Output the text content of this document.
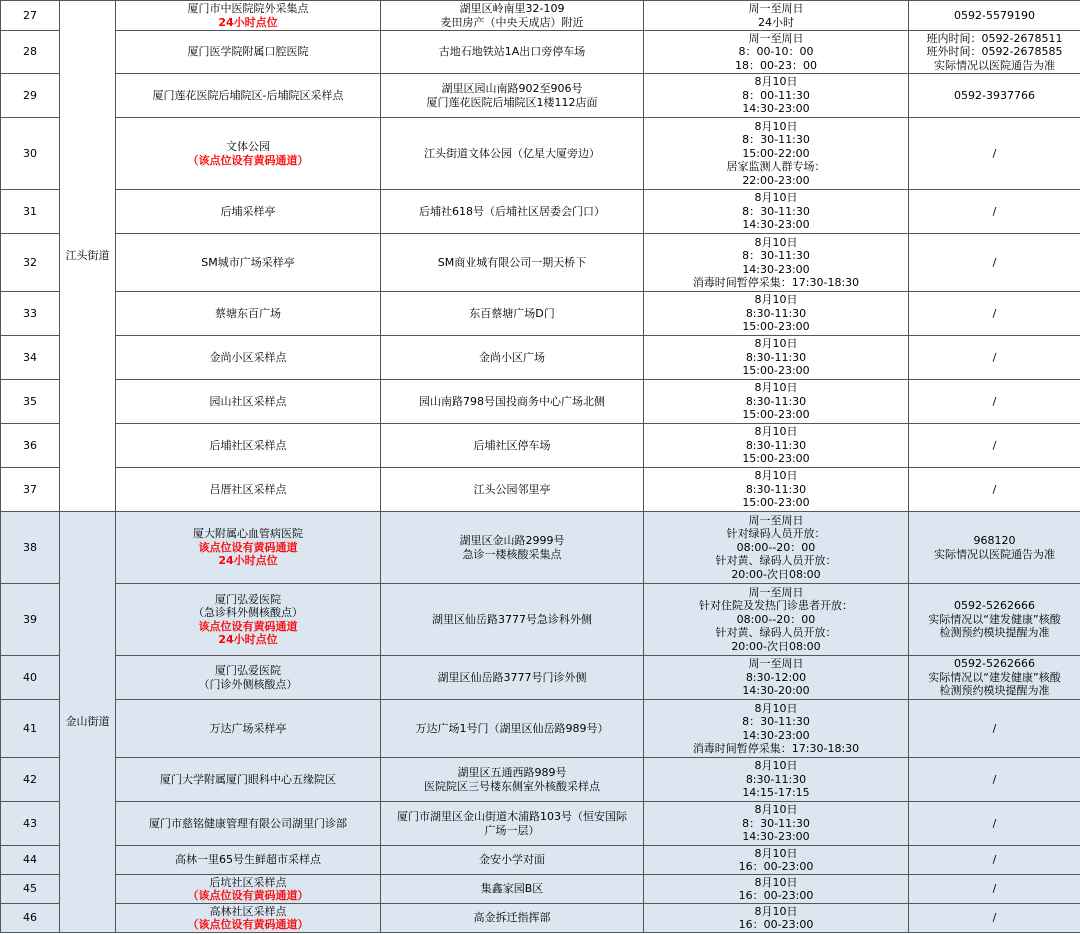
27	江头街道	厦门市中医院院外采集点
24小时点位	湖里区岭南里32-109
麦田房产（中央天成店）附近	周一至周日
24小时	0592-5579190

28		厦门医学院附属口腔医院	古地石地铁站1A出口旁停车场	周一至周日
8：00-10：00
18：00-23：00	班内时间：0592-2678511
班外时间：0592-2678585
实际情况以医院通告为准

29		厦门莲花医院后埔院区-后埔院区采样点	湖里区园山南路902至906号
厦门莲花医院后埔院区1楼112店面	8月10日
8：00-11:30
14:30-23:00	0592-3937766

30		文体公园
（该点位设有黄码通道）	江头街道文体公园（亿星大厦旁边）	8月10日
8：30-11:30
15:00-22:00
居家监测人群专场：
22:00-23:00	/

31		后埔采样亭	后埔社618号（后埔社区居委会门口）	8月10日
8：30-11:30
14:30-23:00	/

32		SM城市广场采样亭	SM商业城有限公司一期天桥下	8月10日
8：30-11:30
14:30-23:00
消毒时间暂停采集：17:30-18:30	/

33		蔡塘东百广场	东百蔡塘广场D门	8月10日
8:30-11:30
15:00-23:00	/

34		金尚小区采样点	金尚小区广场	8月10日
8:30-11:30
15:00-23:00	/

35		园山社区采样点	园山南路798号国投商务中心广场北侧	8月10日
8:30-11:30
15:00-23:00	/

36		后埔社区采样点	后埔社区停车场	8月10日
8:30-11:30
15:00-23:00	/

37		吕厝社区采样点	江头公园邻里亭	8月10日
8:30-11:30
15:00-23:00	/

38	金山街道	厦大附属心血管病医院
该点位设有黄码通道
24小时点位	湖里区金山路2999号
急诊一楼核酸采集点	周一至周日
针对绿码人员开放：
08:00--20：00
针对黄、绿码人员开放：
20:00-次日08:00	968120
实际情况以医院通告为准

39		厦门弘爱医院
（急诊科外侧核酸点）
该点位设有黄码通道
24小时点位	湖里区仙岳路3777号急诊科外侧	周一至周日
针对住院及发热门诊患者开放：
08:00--20：00
针对黄、绿码人员开放：
20:00-次日08:00	0592-5262666
实际情况以“建发健康”核酸
检测预约模块提醒为准

40		厦门弘爱医院
（门诊外侧核酸点）	湖里区仙岳路3777号门诊外侧	周一至周日
8:30-12:00
14:30-20:00	0592-5262666
实际情况以“建发健康”核酸
检测预约模块提醒为准

41		万达广场采样亭	万达广场1号门（湖里区仙岳路989号）	8月10日
8：30-11:30
14:30-23:00
消毒时间暂停采集：17:30-18:30	/

42		厦门大学附属厦门眼科中心五缘院区	湖里区五通西路989号
医院院区三号楼东侧室外核酸采样点	8月10日
8:30-11:30
14:15-17:15	/

43		厦门市慈铭健康管理有限公司湖里门诊部	厦门市湖里区金山街道木浦路103号（恒安国际
广场一层）	8月10日
8：30-11:30
14:30-23:00	/

44		高林一里65号生鲜超市采样点	金安小学对面	8月10日
16：00-23:00	/

45		后坑社区采样点
（该点位设有黄码通道）	集鑫家园B区	8月10日
16：00-23:00	/

46		高林社区采样点
（该点位设有黄码通道）	高金拆迁指挥部	8月10日
16：00-23:00	/
